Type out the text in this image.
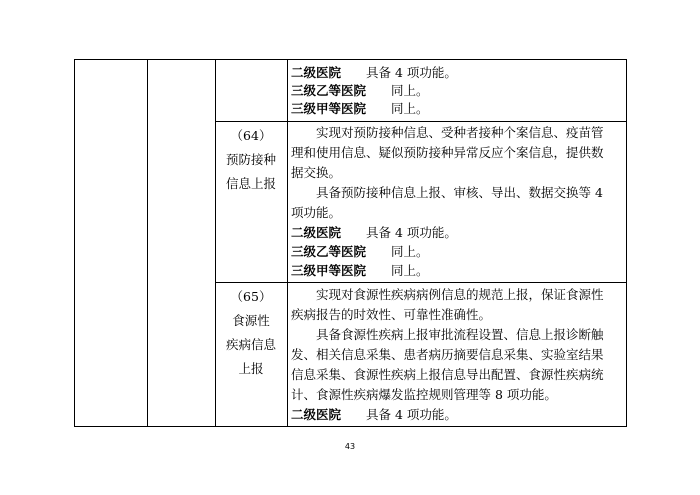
二级医院 具备 4 项功能。
三级乙等医院 同上。
三级甲等医院 同上。
（64）
预防接种
信息上报
实现对预防接种信息、受种者接种个案信息、疫苗管
理和使用信息、疑似预防接种异常反应个案信息，提供数
据交换。
具备预防接种信息上报、审核、导出、数据交换等 4
项功能。
二级医院 具备 4 项功能。
三级乙等医院 同上。
三级甲等医院 同上。
（65）
食源性
疾病信息
上报
实现对食源性疾病病例信息的规范上报，保证食源性
疾病报告的时效性、可靠性准确性。
具备食源性疾病上报审批流程设置、信息上报诊断触
发、相关信息采集、患者病历摘要信息采集、实验室结果
信息采集、食源性疾病上报信息导出配置、食源性疾病统
计、食源性疾病爆发监控规则管理等 8 项功能。
二级医院 具备 4 项功能。
43
